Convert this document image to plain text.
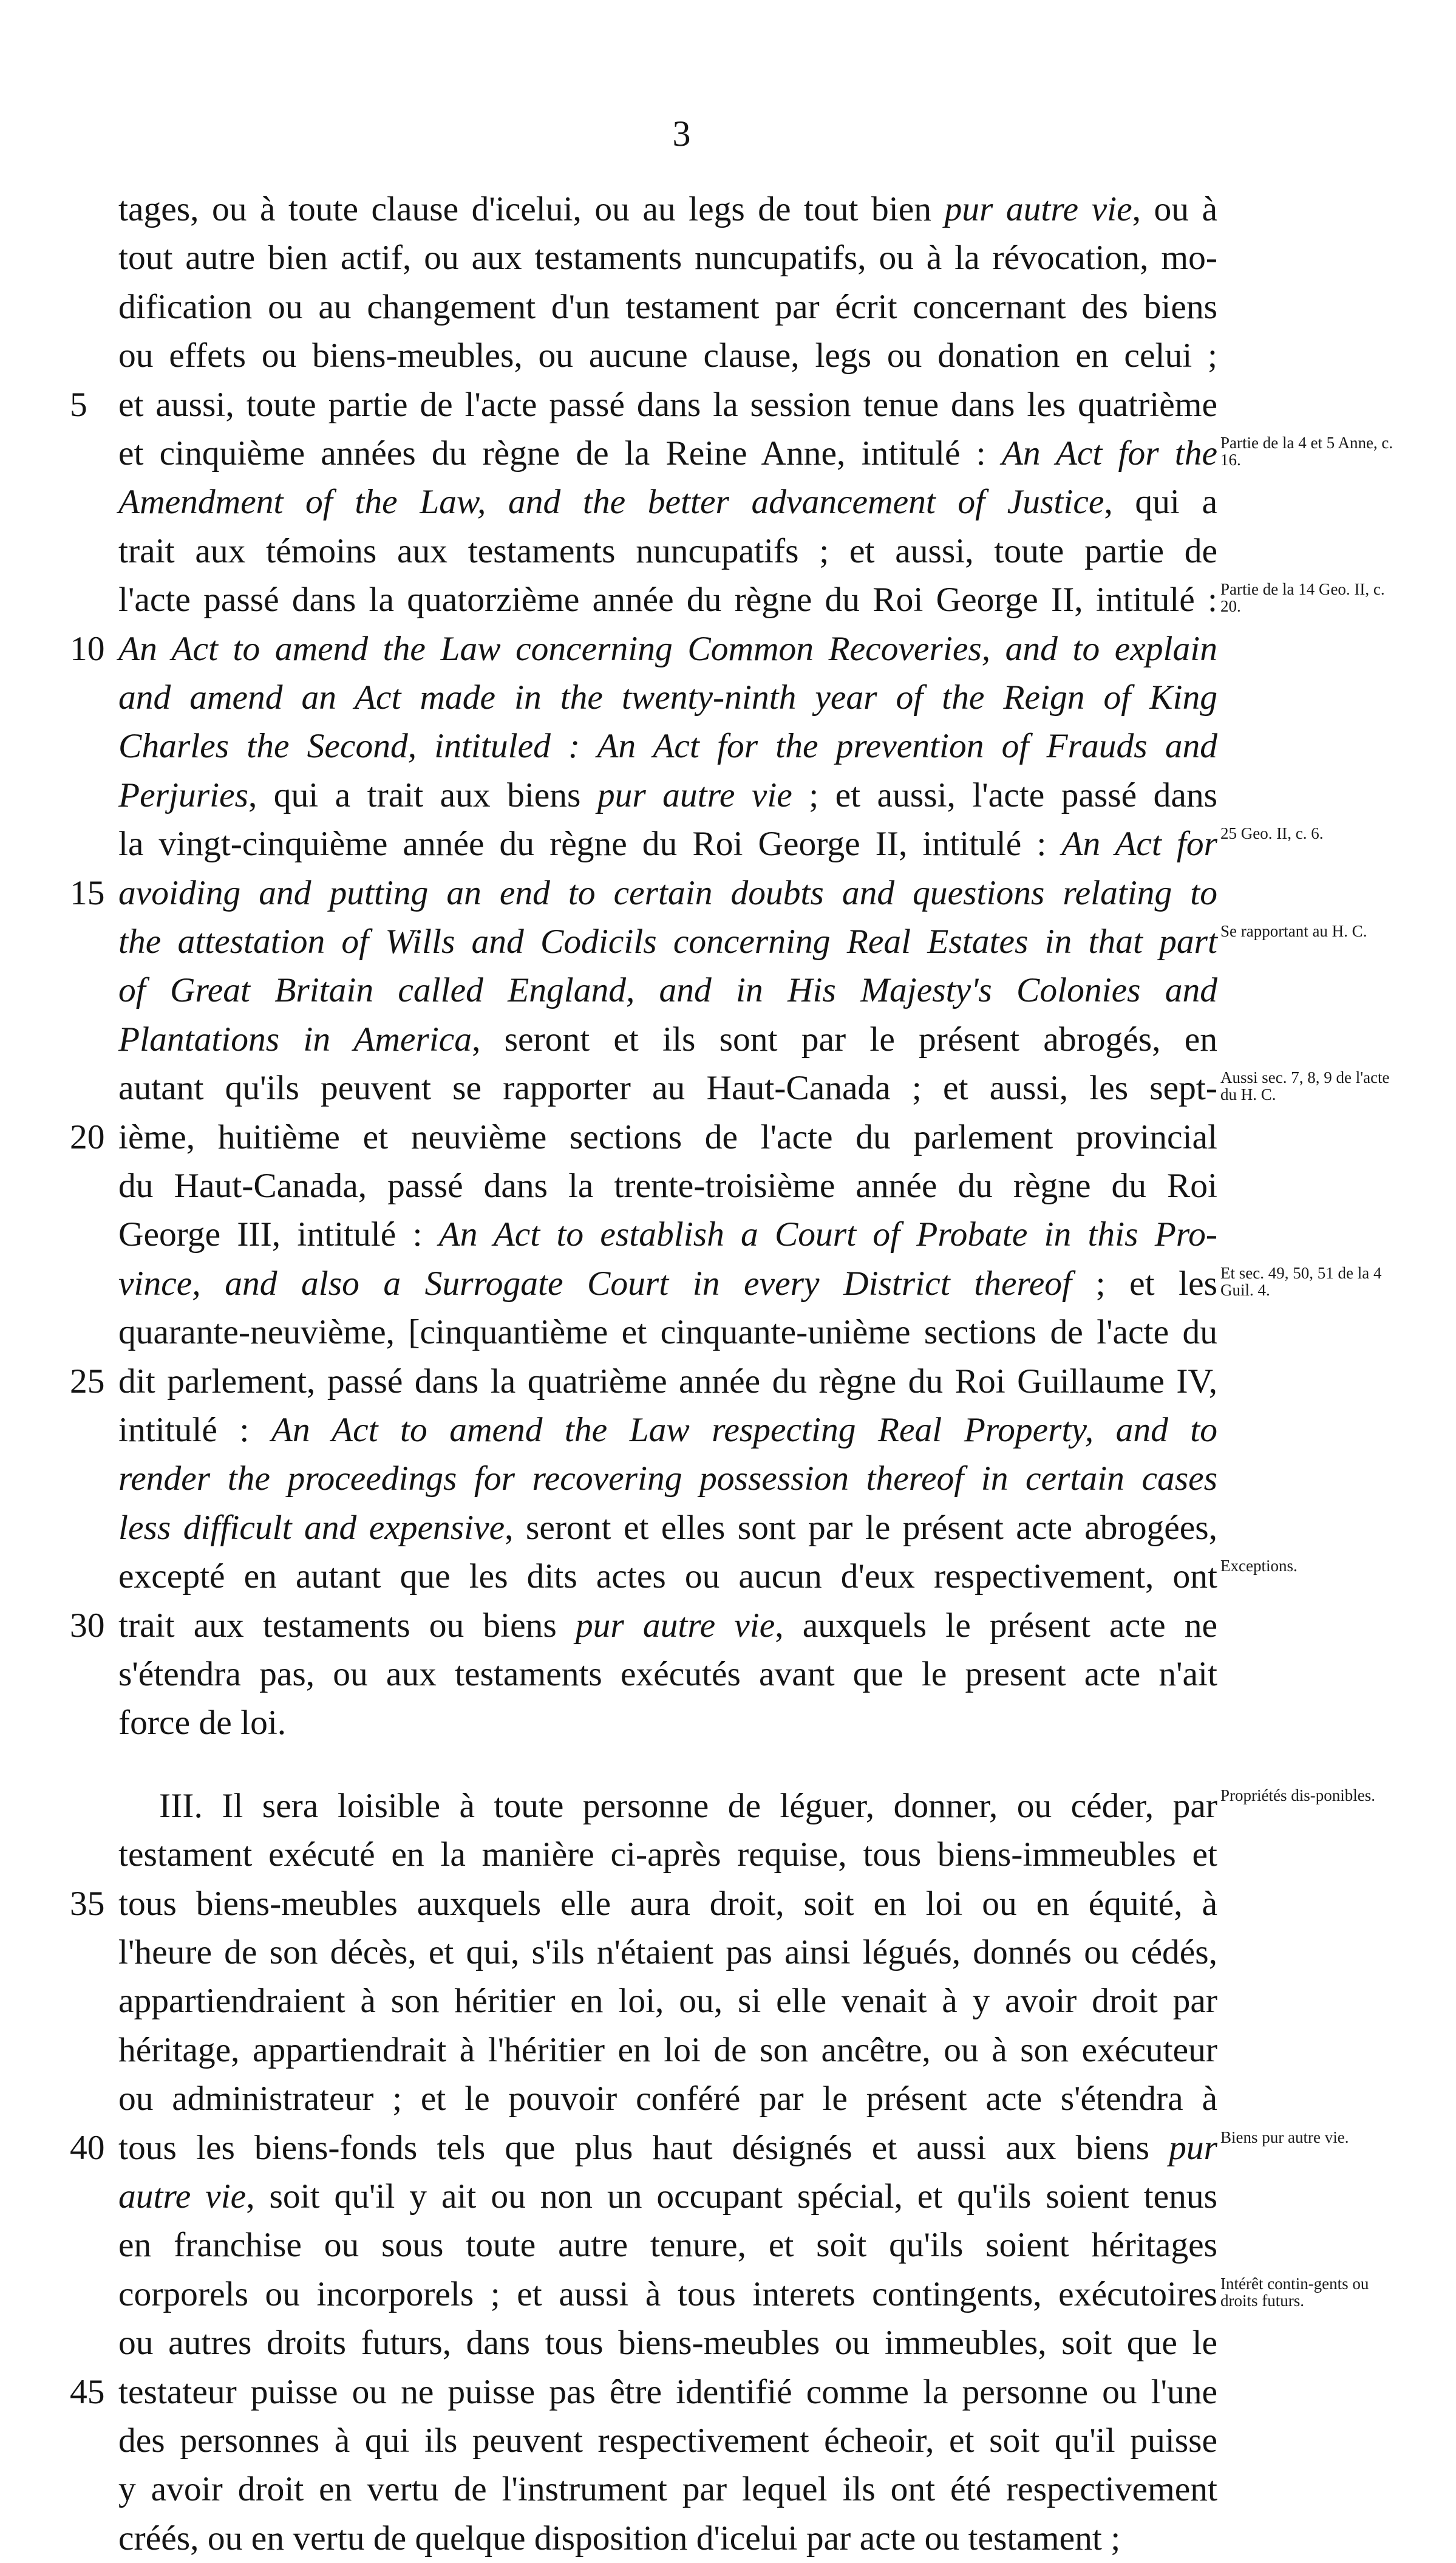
3
tages, ou à toute clause d'icelui, ou au legs de tout bien pur autre vie, ou à
tout autre bien actif, ou aux testaments nuncupatifs, ou à la révocation, mo-
dification ou au changement d'un testament par écrit concernant des biens
ou effets ou biens-meubles, ou aucune clause, legs ou donation en celui ;
et aussi, toute partie de l'acte passé dans la session tenue dans les quatrième
et cinquième années du règne de la Reine Anne, intitulé : An Act for the
Amendment of the Law, and the better advancement of Justice, qui a
trait aux témoins aux testaments nuncupatifs ; et aussi, toute partie de
l'acte passé dans la quatorzième année du règne du Roi George II, intitulé :
An Act to amend the Law concerning Common Recoveries, and to explain
and amend an Act made in the twenty-ninth year of the Reign of King
Charles the Second, intituled : An Act for the prevention of Frauds and
Perjuries, qui a trait aux biens pur autre vie ; et aussi, l'acte passé dans
la vingt-cinquième année du règne du Roi George II, intitulé : An Act for
avoiding and putting an end to certain doubts and questions relating to
the attestation of Wills and Codicils concerning Real Estates in that part
of Great Britain called England, and in His Majesty's Colonies and
Plantations in America, seront et ils sont par le présent abrogés, en
autant qu'ils peuvent se rapporter au Haut-Canada ; et aussi, les sept-
ième, huitième et neuvième sections de l'acte du parlement provincial
du Haut-Canada, passé dans la trente-troisième année du règne du Roi
George III, intitulé : An Act to establish a Court of Probate in this Pro-
vince, and also a Surrogate Court in every District thereof ; et les
quarante-neuvième, [cinquantième et cinquante-unième sections de l'acte du
dit parlement, passé dans la quatrième année du règne du Roi Guillaume IV,
intitulé : An Act to amend the Law respecting Real Property, and to
render the proceedings for recovering possession thereof in certain cases
less difficult and expensive, seront et elles sont par le présent acte abrogées,
excepté en autant que les dits actes ou aucun d'eux respectivement, ont
trait aux testaments ou biens pur autre vie, auxquels le présent acte ne
s'étendra pas, ou aux testaments exécutés avant que le present acte n'ait
force de loi.
III. Il sera loisible à toute personne de léguer, donner, ou céder, par
testament exécuté en la manière ci-après requise, tous biens-immeubles et
tous biens-meubles auxquels elle aura droit, soit en loi ou en équité, à
l'heure de son décès, et qui, s'ils n'étaient pas ainsi légués, donnés ou cédés,
appartiendraient à son héritier en loi, ou, si elle venait à y avoir droit par
héritage, appartiendrait à l'héritier en loi de son ancêtre, ou à son exécuteur
ou administrateur ; et le pouvoir conféré par le présent acte s'étendra à
tous les biens-fonds tels que plus haut désignés et aussi aux biens pur
autre vie, soit qu'il y ait ou non un occupant spécial, et qu'ils soient tenus
en franchise ou sous toute autre tenure, et soit qu'ils soient héritages
corporels ou incorporels ; et aussi à tous interets contingents, exécutoires
ou autres droits futurs, dans tous biens-meubles ou immeubles, soit que le
testateur puisse ou ne puisse pas être identifié comme la personne ou l'une
des personnes à qui ils peuvent respectivement écheoir, et soit qu'il puisse
y avoir droit en vertu de l'instrument par lequel ils ont été respectivement
créés, ou en vertu de quelque disposition d'icelui par acte ou testament ;
5
10
15
20
25
30
35
40
45
Partie de la 4 et 5 Anne, c. 16.
Partie de la 14 Geo. II, c. 20.
25 Geo. II, c. 6.
Se rapportant au H. C.
Aussi sec. 7, 8, 9 de l'acte du H. C.
Et sec. 49, 50, 51 de la 4 Guil. 4.
Exceptions.
Propriétés dis-ponibles.
Biens pur autre vie.
Intérêt contin-gents ou droits futurs.
